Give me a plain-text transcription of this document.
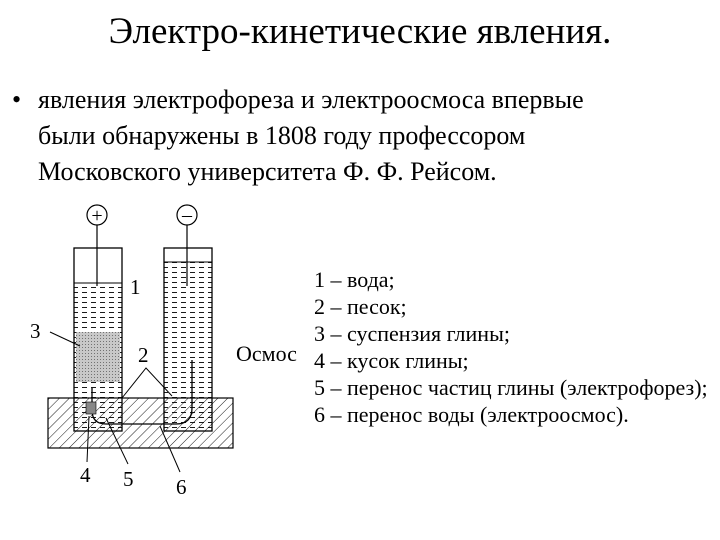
Электро-кинетические явления.
• явления электрофореза и электроосмоса впервые
были обнаружены в 1808 году профессором
Московского университета Ф. Ф. Рейсом.
+	–
1
2
3
4 5 6
Осмос
1 – вода;
2 – песок;
3 – суспензия глины;
4 – кусок глины;
5 – перенос частиц глины (электрофорез);
6 – перенос воды (электроосмос).
